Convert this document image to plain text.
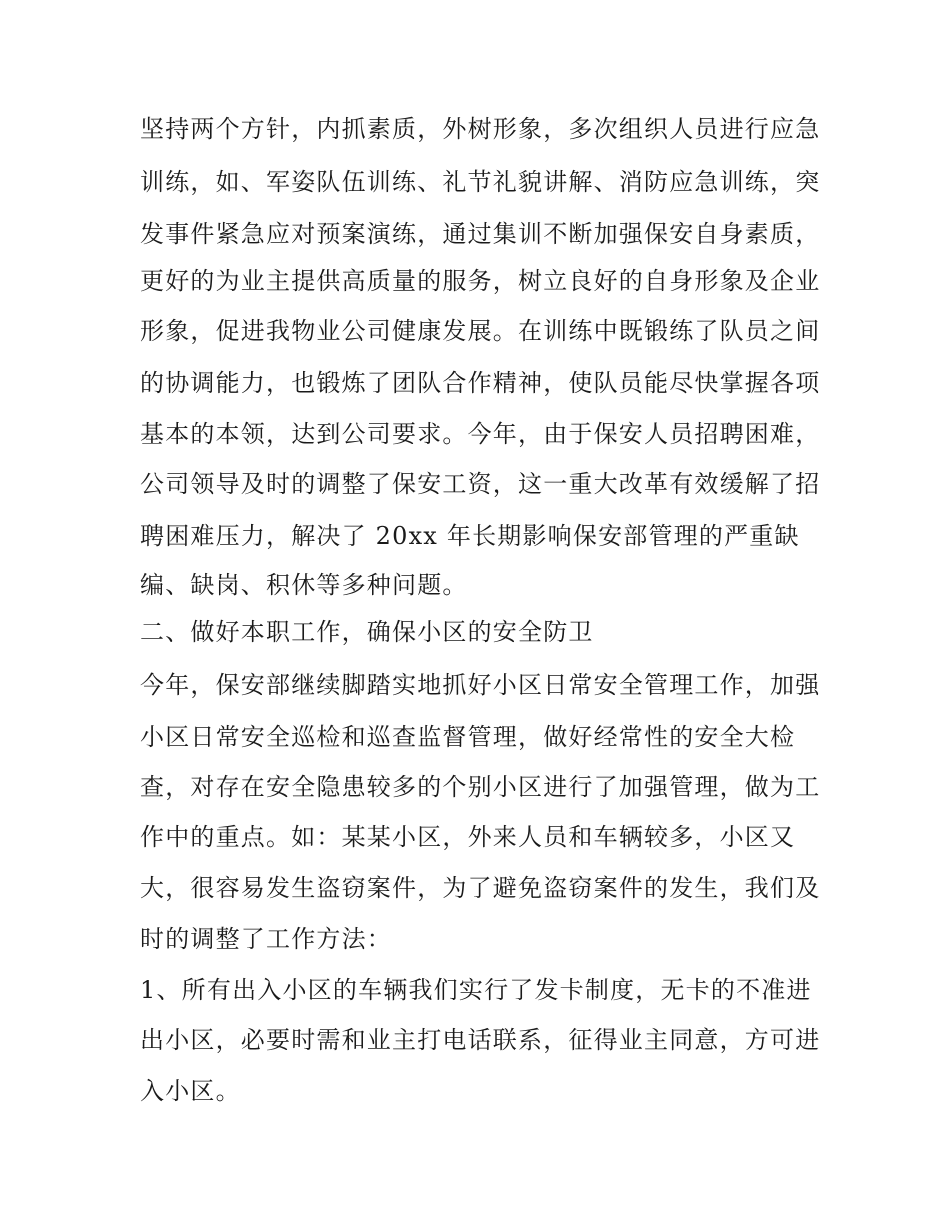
坚持两个方针，内抓素质，外树形象，多次组织人员进行应急
训练，如、军姿队伍训练、礼节礼貌讲解、消防应急训练，突
发事件紧急应对预案演练，通过集训不断加强保安自身素质，
更好的为业主提供高质量的服务，树立良好的自身形象及企业
形象，促进我物业公司健康发展。在训练中既锻练了队员之间
的协调能力，也锻炼了团队合作精神，使队员能尽快掌握各项
基本的本领，达到公司要求。今年，由于保安人员招聘困难，
公司领导及时的调整了保安工资，这一重大改革有效缓解了招
聘困难压力，解决了 20xx 年长期影响保安部管理的严重缺
编、缺岗、积休等多种问题。
二、做好本职工作，确保小区的安全防卫
今年，保安部继续脚踏实地抓好小区日常安全管理工作，加强
小区日常安全巡检和巡查监督管理，做好经常性的安全大检
查，对存在安全隐患较多的个别小区进行了加强管理，做为工
作中的重点。如：某某小区，外来人员和车辆较多，小区又
大，很容易发生盗窃案件，为了避免盗窃案件的发生，我们及
时的调整了工作方法：
1、所有出入小区的车辆我们实行了发卡制度，无卡的不准进
出小区，必要时需和业主打电话联系，征得业主同意，方可进
入小区。
